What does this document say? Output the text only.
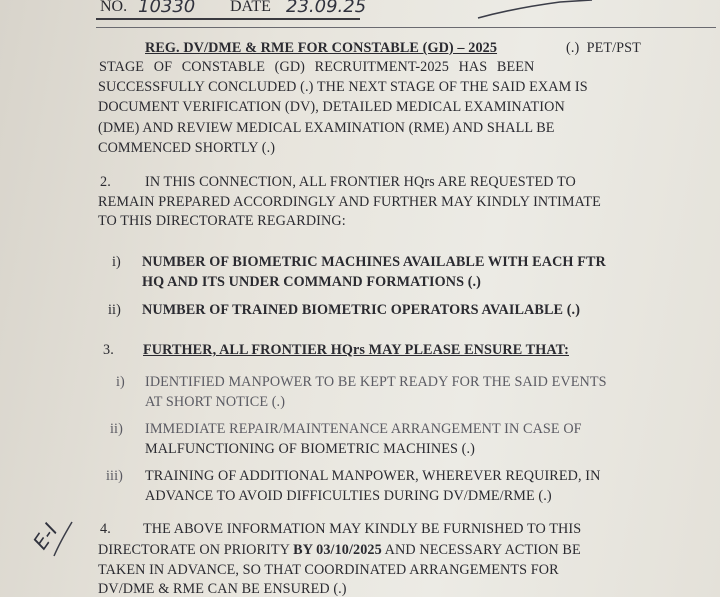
NO. 10330 DATE 23.09.25
REG. DV/DME & RME FOR CONSTABLE (GD) – 2025	(.)  PET/PST
STAGE OF CONSTABLE (GD) RECRUITMENT-2025 HAS BEEN
SUCCESSFULLY CONCLUDED (.) THE NEXT STAGE OF THE SAID EXAM IS
DOCUMENT VERIFICATION (DV), DETAILED MEDICAL EXAMINATION
(DME) AND REVIEW MEDICAL EXAMINATION (RME) AND SHALL BE
COMMENCED SHORTLY (.)
2. IN THIS CONNECTION, ALL FRONTIER HQrs ARE REQUESTED TO
REMAIN PREPARED ACCORDINGLY AND FURTHER MAY KINDLY INTIMATE
TO THIS DIRECTORATE REGARDING:
i) NUMBER OF BIOMETRIC MACHINES AVAILABLE WITH EACH FTR
HQ AND ITS UNDER COMMAND FORMATIONS (.)
ii) NUMBER OF TRAINED BIOMETRIC OPERATORS AVAILABLE (.)
3. FURTHER, ALL FRONTIER HQrs MAY PLEASE ENSURE THAT:
i) IDENTIFIED MANPOWER TO BE KEPT READY FOR THE SAID EVENTS
AT SHORT NOTICE (.)
ii) IMMEDIATE REPAIR/MAINTENANCE ARRANGEMENT IN CASE OF
MALFUNCTIONING OF BIOMETRIC MACHINES (.)
iii) TRAINING OF ADDITIONAL MANPOWER, WHEREVER REQUIRED, IN
ADVANCE TO AVOID DIFFICULTIES DURING DV/DME/RME (.)
4. THE ABOVE INFORMATION MAY KINDLY BE FURNISHED TO THIS
DIRECTORATE ON PRIORITY BY 03/10/2025 AND NECESSARY ACTION BE
TAKEN IN ADVANCE, SO THAT COORDINATED ARRANGEMENTS FOR
DV/DME & RME CAN BE ENSURED (.)
E-I
